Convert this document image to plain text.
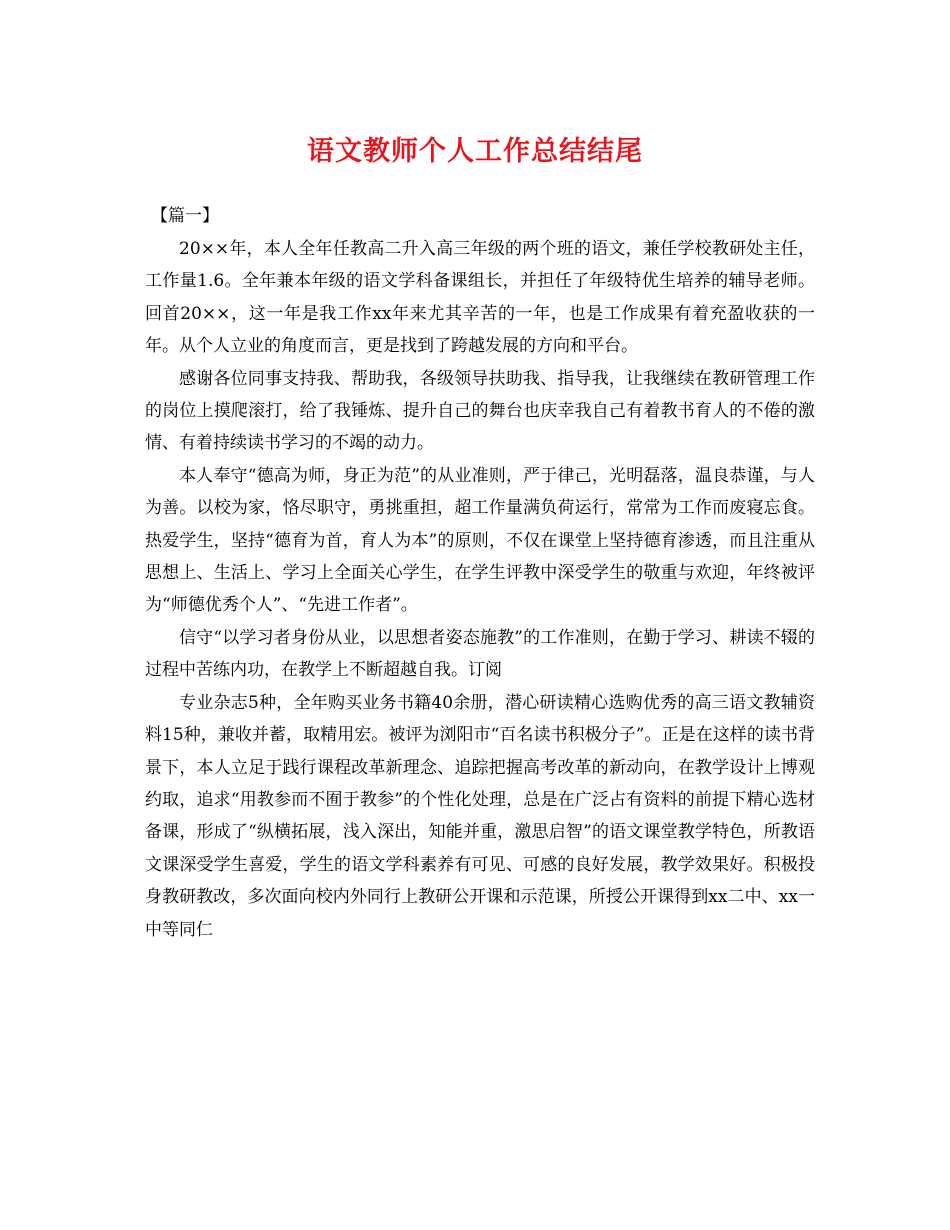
语文教师个人工作总结结尾

【篇一】

20××年，本人全年任教高二升入高三年级的两个班的语文，兼任学校教研处主任，工作量1.6。全年兼本年级的语文学科备课组长，并担任了年级特优生培养的辅导老师。回首20××，这一年是我工作xx年来尤其辛苦的一年，也是工作成果有着充盈收获的一年。从个人立业的角度而言，更是找到了跨越发展的方向和平台。

感谢各位同事支持我、帮助我，各级领导扶助我、指导我，让我继续在教研管理工作的岗位上摸爬滚打，给了我锤炼、提升自己的舞台也庆幸我自己有着教书育人的不倦的激情、有着持续读书学习的不竭的动力。

本人奉守“德高为师，身正为范”的从业准则，严于律己，光明磊落，温良恭谨，与人为善。以校为家，恪尽职守，勇挑重担，超工作量满负荷运行，常常为工作而废寝忘食。热爱学生，坚持“德育为首，育人为本”的原则，不仅在课堂上坚持德育渗透，而且注重从思想上、生活上、学习上全面关心学生，在学生评教中深受学生的敬重与欢迎，年终被评为“师德优秀个人”、“先进工作者”。

信守“以学习者身份从业，以思想者姿态施教”的工作准则，在勤于学习、耕读不辍的过程中苦练内功，在教学上不断超越自我。订阅

专业杂志5种，全年购买业务书籍40余册，潜心研读精心选购优秀的高三语文教辅资料15种，兼收并蓄，取精用宏。被评为浏阳市“百名读书积极分子”。正是在这样的读书背景下，本人立足于践行课程改革新理念、追踪把握高考改革的新动向，在教学设计上博观约取，追求“用教参而不囿于教参”的个性化处理，总是在广泛占有资料的前提下精心选材备课，形成了“纵横拓展，浅入深出，知能并重，激思启智”的语文课堂教学特色，所教语文课深受学生喜爱，学生的语文学科素养有可见、可感的良好发展，教学效果好。积极投身教研教改，多次面向校内外同行上教研公开课和示范课，所授公开课得到xx二中、xx一中等同仁
